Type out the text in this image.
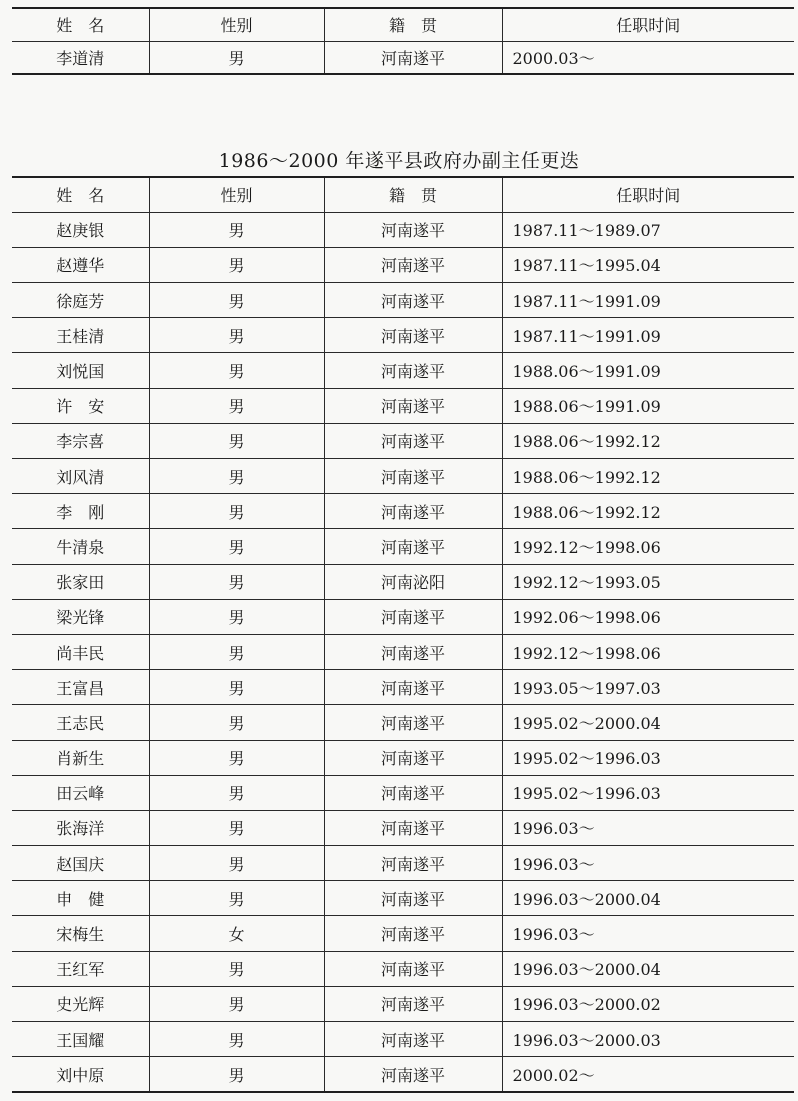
姓　名	性别	籍　贯	任职时间
李道清	男	河南遂平	2000.03～
1986～2000 年遂平县政府办副主任更迭
姓　名	性别	籍　贯	任职时间
赵庚银	男	河南遂平	1987.11～1989.07
赵遵华	男	河南遂平	1987.11～1995.04
徐庭芳	男	河南遂平	1987.11～1991.09
王桂清	男	河南遂平	1987.11～1991.09
刘悦国	男	河南遂平	1988.06～1991.09
许　安	男	河南遂平	1988.06～1991.09
李宗喜	男	河南遂平	1988.06～1992.12
刘风清	男	河南遂平	1988.06～1992.12
李　刚	男	河南遂平	1988.06～1992.12
牛清泉	男	河南遂平	1992.12～1998.06
张家田	男	河南泌阳	1992.12～1993.05
梁光锋	男	河南遂平	1992.06～1998.06
尚丰民	男	河南遂平	1992.12～1998.06
王富昌	男	河南遂平	1993.05～1997.03
王志民	男	河南遂平	1995.02～2000.04
肖新生	男	河南遂平	1995.02～1996.03
田云峰	男	河南遂平	1995.02～1996.03
张海洋	男	河南遂平	1996.03～
赵国庆	男	河南遂平	1996.03～
申　健	男	河南遂平	1996.03～2000.04
宋梅生	女	河南遂平	1996.03～
王红军	男	河南遂平	1996.03～2000.04
史光辉	男	河南遂平	1996.03～2000.02
王国耀	男	河南遂平	1996.03～2000.03
刘中原	男	河南遂平	2000.02～
